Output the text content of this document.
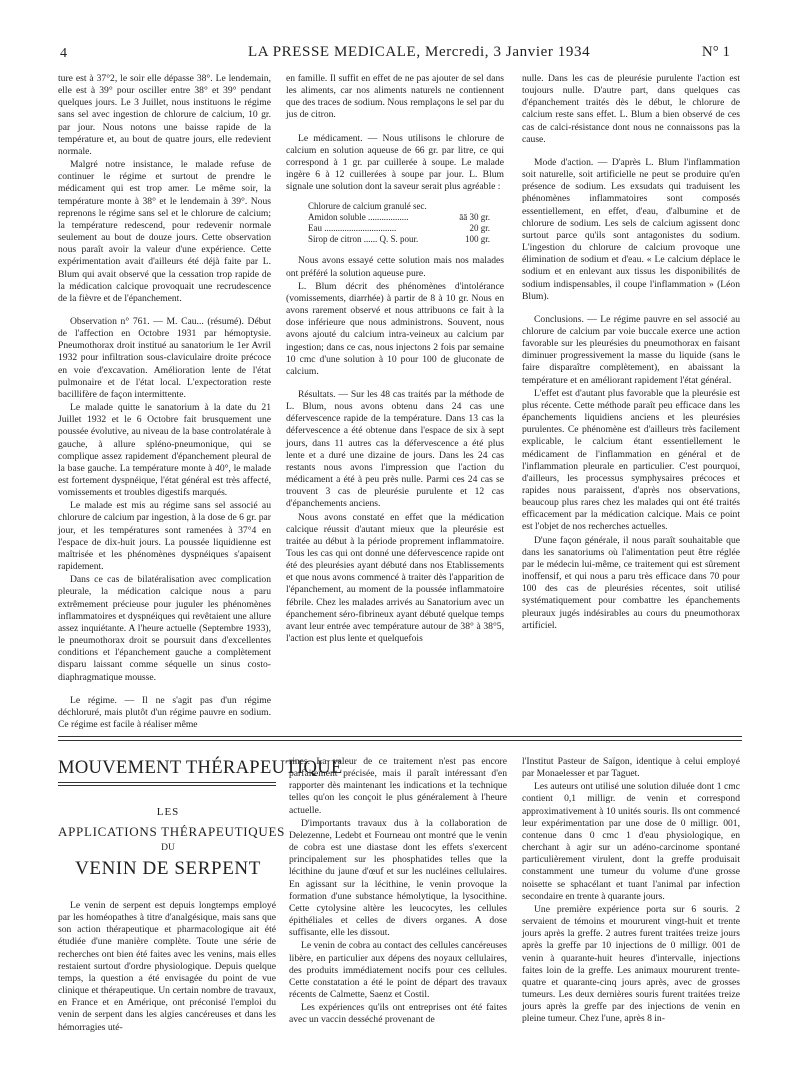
4	LA PRESSE MEDICALE, Mercredi, 3 Janvier 1934	N° 1

ture est à 37°2, le soir elle dépasse 38°. Le lendemain, elle est à 39° pour osciller entre 38° et 39° pendant quelques jours. Le 3 Juillet, nous instituons le régime sans sel avec ingestion de chlorure de calcium, 10 gr. par jour. Nous notons une baisse rapide de la température et, au bout de quatre jours, elle redevient normale.

Malgré notre insistance, le malade refuse de continuer le régime et surtout de prendre le médicament qui est trop amer. Le même soir, la température monte à 38° et le lendemain à 39°. Nous reprenons le régime sans sel et le chlorure de calcium; la température redescend, pour redevenir normale seulement au bout de douze jours. Cette observation nous paraît avoir la valeur d'une expérience. Cette expérimentation avait d'ailleurs été déjà faite par L. Blum qui avait observé que la cessation trop rapide de la médication calcique provoquait une recrudescence de la fièvre et de l'épanchement.

Observation n° 761. — M. Cau... (résumé). Début de l'affection en Octobre 1931 par hémoptysie. Pneumothorax droit institué au sanatorium le 1er Avril 1932 pour infiltration sous-claviculaire droite précoce en voie d'excavation. Amélioration lente de l'état pulmonaire et de l'état local. L'expectoration reste bacillifère de façon intermittente.

Le malade quitte le sanatorium à la date du 21 Juillet 1932 et le 6 Octobre fait brusquement une poussée évolutive, au niveau de la base controlatérale à gauche, à allure spléno-pneumonique, qui se complique assez rapidement d'épanchement pleural de la base gauche. La température monte à 40°, le malade est fortement dyspnéique, l'état général est très affecté, vomissements et troubles digestifs marqués.

Le malade est mis au régime sans sel associé au chlorure de calcium par ingestion, à la dose de 6 gr. par jour, et les températures sont ramenées à 37°4 en l'espace de dix-huit jours. La poussée liquidienne est maîtrisée et les phénomènes dyspnéiques s'apaisent rapidement.

Dans ce cas de bilatéralisation avec complication pleurale, la médication calcique nous a paru extrêmement précieuse pour juguler les phénomènes inflammatoires et dyspnéiques qui revêtaient une allure assez inquiétante. A l'heure actuelle (Septembre 1933), le pneumothorax droit se poursuit dans d'excellentes conditions et l'épanchement gauche a complètement disparu laissant comme séquelle un sinus costo-diaphragmatique mousse.

Le régime. — Il ne s'agit pas d'un régime déchloruré, mais plutôt d'un régime pauvre en sodium. Ce régime est facile à réaliser même

en famille. Il suffit en effet de ne pas ajouter de sel dans les aliments, car nos aliments naturels ne contiennent que des traces de sodium. Nous remplaçons le sel par du jus de citron.

Le médicament. — Nous utilisons le chlorure de calcium en solution aqueuse de 66 gr. par litre, ce qui correspond à 1 gr. par cuillerée à soupe. Le malade ingère 6 à 12 cuillerées à soupe par jour. L. Blum signale une solution dont la saveur serait plus agréable :

Chlorure de calcium granulé sec.
Amidon soluble ..................	āā 30 gr.
Eau ................................	20 gr.
Sirop de citron ...... Q. S. pour.	100 gr.

Nous avons essayé cette solution mais nos malades ont préféré la solution aqueuse pure.

L. Blum décrit des phénomènes d'intolérance (vomissements, diarrhée) à partir de 8 à 10 gr. Nous en avons rarement observé et nous attribuons ce fait à la dose inférieure que nous administrons. Souvent, nous avons ajouté du calcium intra-veineux au calcium par ingestion; dans ce cas, nous injectons 2 fois par semaine 10 cmc d'une solution à 10 pour 100 de gluconate de calcium.

Résultats. — Sur les 48 cas traités par la méthode de L. Blum, nous avons obtenu dans 24 cas une défervescence rapide de la température. Dans 13 cas la défervescence a été obtenue dans l'espace de six à sept jours, dans 11 autres cas la défervescence a été plus lente et a duré une dizaine de jours. Dans les 24 cas restants nous avons l'impression que l'action du médicament a été à peu près nulle. Parmi ces 24 cas se trouvent 3 cas de pleurésie purulente et 12 cas d'épanchements anciens.

Nous avons constaté en effet que la médication calcique réussit d'autant mieux que la pleurésie est traitée au début à la période proprement inflammatoire. Tous les cas qui ont donné une défervescence rapide ont été des pleurésies ayant débuté dans nos Etablissements et que nous avons commencé à traiter dès l'apparition de l'épanchement, au moment de la poussée inflammatoire fébrile. Chez les malades arrivés au Sanatorium avec un épanchement séro-fibrineux ayant débuté quelque temps avant leur entrée avec température autour de 38° à 38°5, l'action est plus lente et quelquefois

nulle. Dans les cas de pleurésie purulente l'action est toujours nulle. D'autre part, dans quelques cas d'épanchement traités dès le début, le chlorure de calcium reste sans effet. L. Blum a bien observé de ces cas de calci-résistance dont nous ne connaissons pas la cause.

Mode d'action. — D'après L. Blum l'inflammation soit naturelle, soit artificielle ne peut se produire qu'en présence de sodium. Les exsudats qui traduisent les phénomènes inflammatoires sont composés essentiellement, en effet, d'eau, d'albumine et de chlorure de sodium. Les sels de calcium agissent donc surtout parce qu'ils sont antagonistes du sodium. L'ingestion du chlorure de calcium provoque une élimination de sodium et d'eau. « Le calcium déplace le sodium et en enlevant aux tissus les disponibilités de sodium indispensables, il coupe l'inflammation » (Léon Blum).

Conclusions. — Le régime pauvre en sel associé au chlorure de calcium par voie buccale exerce une action favorable sur les pleurésies du pneumothorax en faisant diminuer progressivement la masse du liquide (sans le faire disparaître complètement), en abaissant la température et en améliorant rapidement l'état général.

L'effet est d'autant plus favorable que la pleurésie est plus récente. Cette méthode paraît peu efficace dans les épanchements liquidiens anciens et les pleurésies purulentes. Ce phénomène est d'ailleurs très facilement explicable, le calcium étant essentiellement le médicament de l'inflammation en général et de l'inflammation pleurale en particulier. C'est pourquoi, d'ailleurs, les processus symphysaires précoces et rapides nous paraissent, d'après nos observations, beaucoup plus rares chez les malades qui ont été traités efficacement par la médication calcique. Mais ce point est l'objet de nos recherches actuelles.

D'une façon générale, il nous paraît souhaitable que dans les sanatoriums où l'alimentation peut être réglée par le médecin lui-même, ce traitement qui est sûrement inoffensif, et qui nous a paru très efficace dans 70 pour 100 des cas de pleurésies récentes, soit utilisé systématiquement pour combattre les épanchements pleuraux jugés indésirables au cours du pneumothorax artificiel.

MOUVEMENT THÉRAPEUTIQUE
LES
APPLICATIONS THÉRAPEUTIQUES
DU
VENIN DE SERPENT

Le venin de serpent est depuis longtemps employé par les homéopathes à titre d'analgésique, mais sans que son action thérapeutique et pharmacologique ait été étudiée d'une manière complète. Toute une série de recherches ont bien été faites avec les venins, mais elles restaient surtout d'ordre physiologique. Depuis quelque temps, la question a été envisagée du point de vue clinique et thérapeutique. Un certain nombre de travaux, en France et en Amérique, ont préconisé l'emploi du venin de serpent dans les algies cancéreuses et dans les hémorragies uté-

rines. La valeur de ce traitement n'est pas encore parfaitement précisée, mais il paraît intéressant d'en rapporter dès maintenant les indications et la technique telles qu'on les conçoit le plus généralement à l'heure actuelle.

D'importants travaux dus à la collaboration de Delezenne, Ledebt et Fourneau ont montré que le venin de cobra est une diastase dont les effets s'exercent principalement sur les phosphatides telles que la lécithine du jaune d'œuf et sur les nucléines cellulaires. En agissant sur la lécithine, le venin provoque la formation d'une substance hémolytique, la lysocithine. Cette cytolysine altère les leucocytes, les cellules épithéliales et celles de divers organes. A dose suffisante, elle les dissout.

Le venin de cobra au contact des cellules cancéreuses libère, en particulier aux dépens des noyaux cellulaires, des produits immédiatement nocifs pour ces cellules. Cette constatation a été le point de départ des travaux récents de Calmette, Saenz et Costil.

Les expériences qu'ils ont entreprises ont été faites avec un vaccin desséché provenant de

l'Institut Pasteur de Saïgon, identique à celui employé par Monaelesser et par Taguet.

Les auteurs ont utilisé une solution diluée dont 1 cmc contient 0,1 milligr. de venin et correspond approximativement à 10 unités souris. Ils ont commencé leur expérimentation par une dose de 0 milligr. 001, contenue dans 0 cmc 1 d'eau physiologique, en cherchant à agir sur un adéno-carcinome spontané particulièrement virulent, dont la greffe produisait constamment une tumeur du volume d'une grosse noisette se sphacélant et tuant l'animal par infection secondaire en trente à quarante jours.

Une première expérience porta sur 6 souris. 2 servaient de témoins et moururent vingt-huit et trente jours après la greffe. 2 autres furent traitées treize jours après la greffe par 10 injections de 0 milligr. 001 de venin à quarante-huit heures d'intervalle, injections faites loin de la greffe. Les animaux moururent trente-quatre et quarante-cinq jours après, avec de grosses tumeurs. Les deux dernières souris furent traitées treize jours après la greffe par des injections de venin en pleine tumeur. Chez l'une, après 8 in-
